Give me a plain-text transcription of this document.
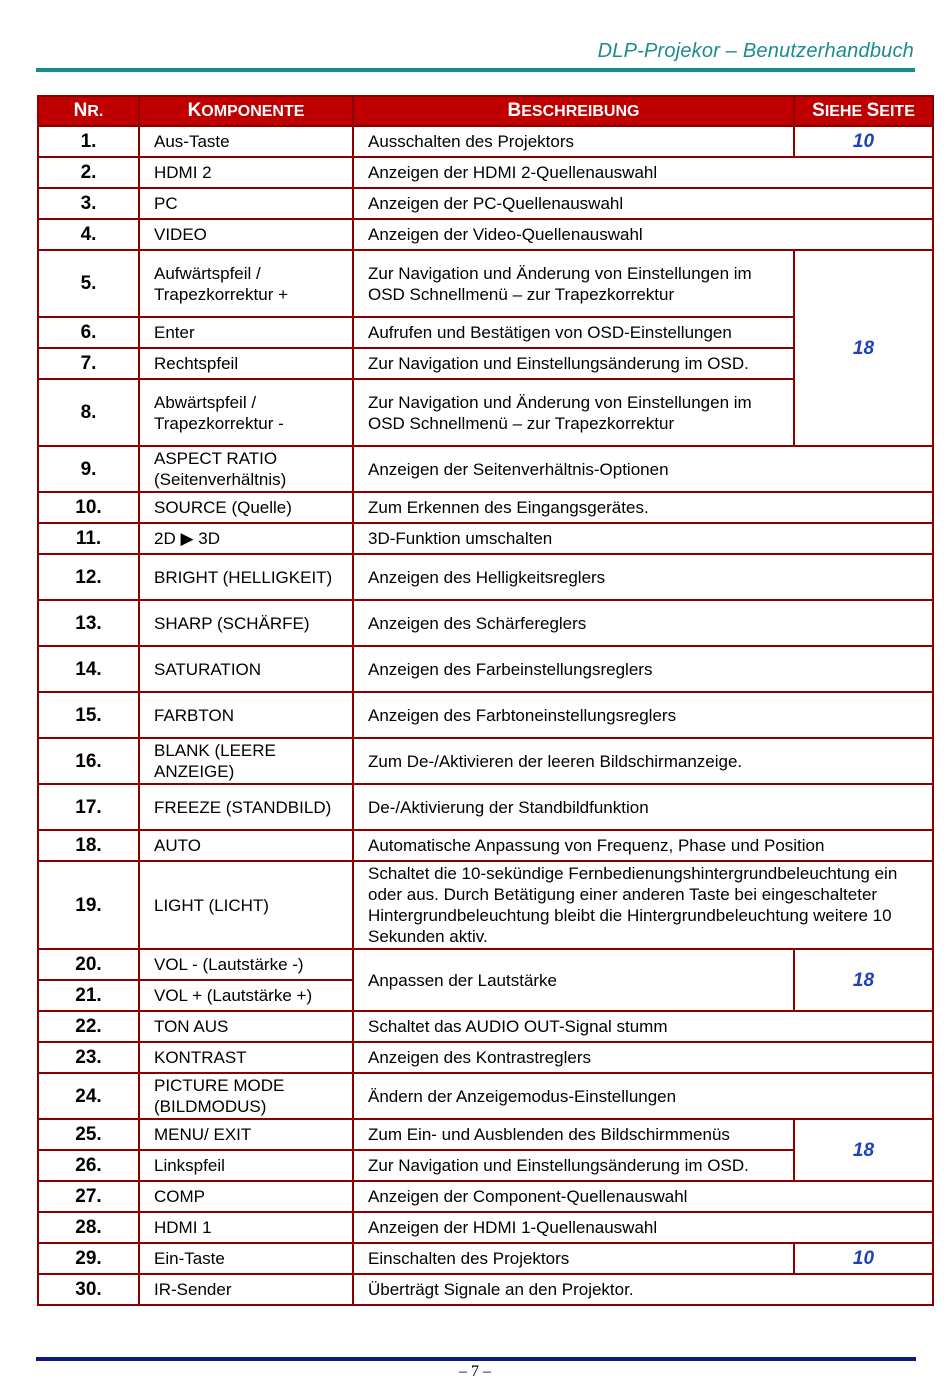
DLP-Projekor – Benutzerhandbuch
NR.	KOMPONENTE	BESCHREIBUNG	SIEHE SEITE
1.	Aus-Taste	Ausschalten des Projektors	10
2.	HDMI 2	Anzeigen der HDMI 2-Quellenauswahl	
3.	PC	Anzeigen der PC-Quellenauswahl	
4.	VIDEO	Anzeigen der Video-Quellenauswahl	
5.	Aufwärtspfeil / Trapezkorrektur +	Zur Navigation und Änderung von Einstellungen im OSD Schnellmenü – zur Trapezkorrektur	18
6.	Enter	Aufrufen und Bestätigen von OSD-Einstellungen	
7.	Rechtspfeil	Zur Navigation und Einstellungsänderung im OSD.	
8.	Abwärtspfeil / Trapezkorrektur -	Zur Navigation und Änderung von Einstellungen im OSD Schnellmenü – zur Trapezkorrektur	
9.	ASPECT RATIO (Seitenverhältnis)	Anzeigen der Seitenverhältnis-Optionen	
10.	SOURCE (Quelle)	Zum Erkennen des Eingangsgerätes.	
11.	2D ▶ 3D	3D-Funktion umschalten	
12.	BRIGHT (HELLIGKEIT)	Anzeigen des Helligkeitsreglers	
13.	SHARP (SCHÄRFE)	Anzeigen des Schärfereglers	
14.	SATURATION	Anzeigen des Farbeinstellungsreglers	
15.	FARBTON	Anzeigen des Farbtoneinstellungsreglers	
16.	BLANK (LEERE ANZEIGE)	Zum De-/Aktivieren der leeren Bildschirmanzeige.	
17.	FREEZE (STANDBILD)	De-/Aktivierung der Standbildfunktion	
18.	AUTO	Automatische Anpassung von Frequenz, Phase und Position	
19.	LIGHT (LICHT)	Schaltet die 10-sekündige Fernbedienungshintergrundbeleuchtung ein oder aus. Durch Betätigung einer anderen Taste bei eingeschalteter Hintergrundbeleuchtung bleibt die Hintergrundbeleuchtung weitere 10 Sekunden aktiv.	
20.	VOL - (Lautstärke -)	Anpassen der Lautstärke	18
21.	VOL + (Lautstärke +)		
22.	TON AUS	Schaltet das AUDIO OUT-Signal stumm	
23.	KONTRAST	Anzeigen des Kontrastreglers	
24.	PICTURE MODE (BILDMODUS)	Ändern der Anzeigemodus-Einstellungen	
25.	MENU/ EXIT	Zum Ein- und Ausblenden des Bildschirmmenüs	18
26.	Linkspfeil	Zur Navigation und Einstellungsänderung im OSD.	
27.	COMP	Anzeigen der Component-Quellenauswahl	
28.	HDMI 1	Anzeigen der HDMI 1-Quellenauswahl	
29.	Ein-Taste	Einschalten des Projektors	10
30.	IR-Sender	Überträgt Signale an den Projektor.	
– 7 –
